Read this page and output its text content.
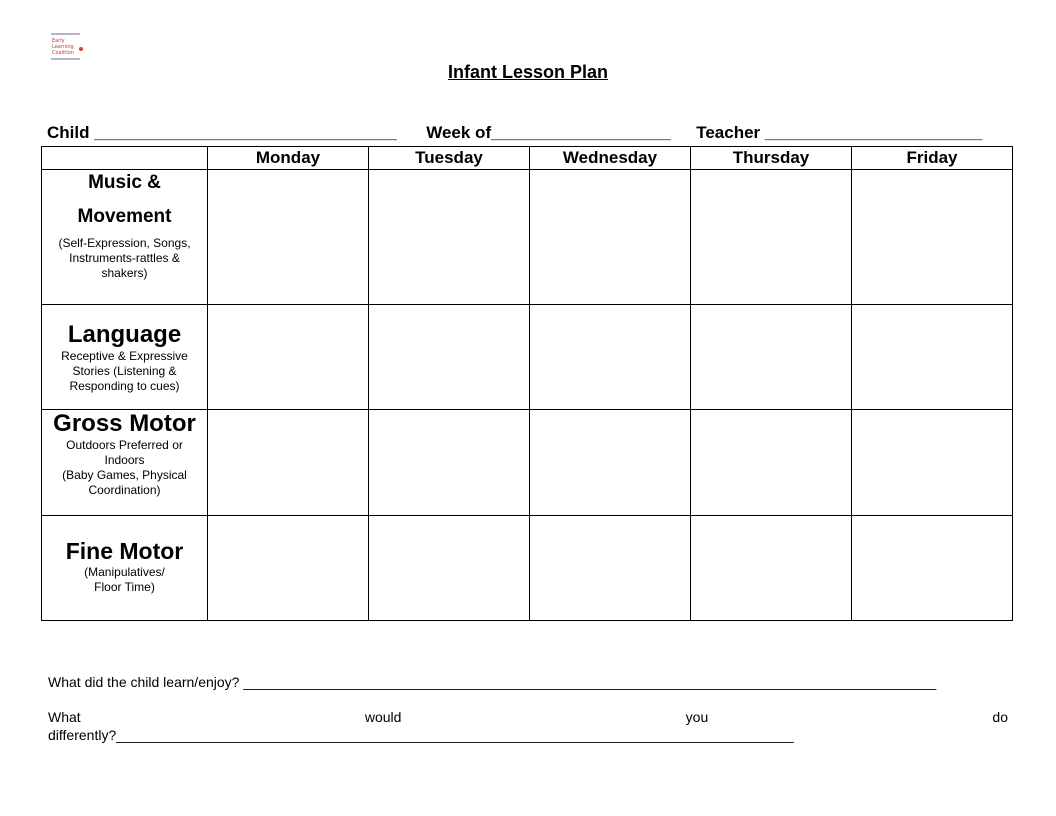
Early
Learning
Coalition
Infant Lesson Plan
Child ________________________________ Week of___________________ Teacher _______________________
	Monday	Tuesday	Wednesday	Thursday	Friday

Music &
Movement
(Self-Expression, Songs,
Instruments-rattles &
shakers)					

Language
Receptive & Expressive
Stories (Listening &
Responding to cues)					

Gross Motor
Outdoors Preferred or
Indoors
(Baby Games, Physical
Coordination)					

Fine Motor
(Manipulatives/
Floor Time)					

What did the child learn/enjoy? _________________________________________________________________________________________
What	would	you	do
differently?_______________________________________________________________________________________
